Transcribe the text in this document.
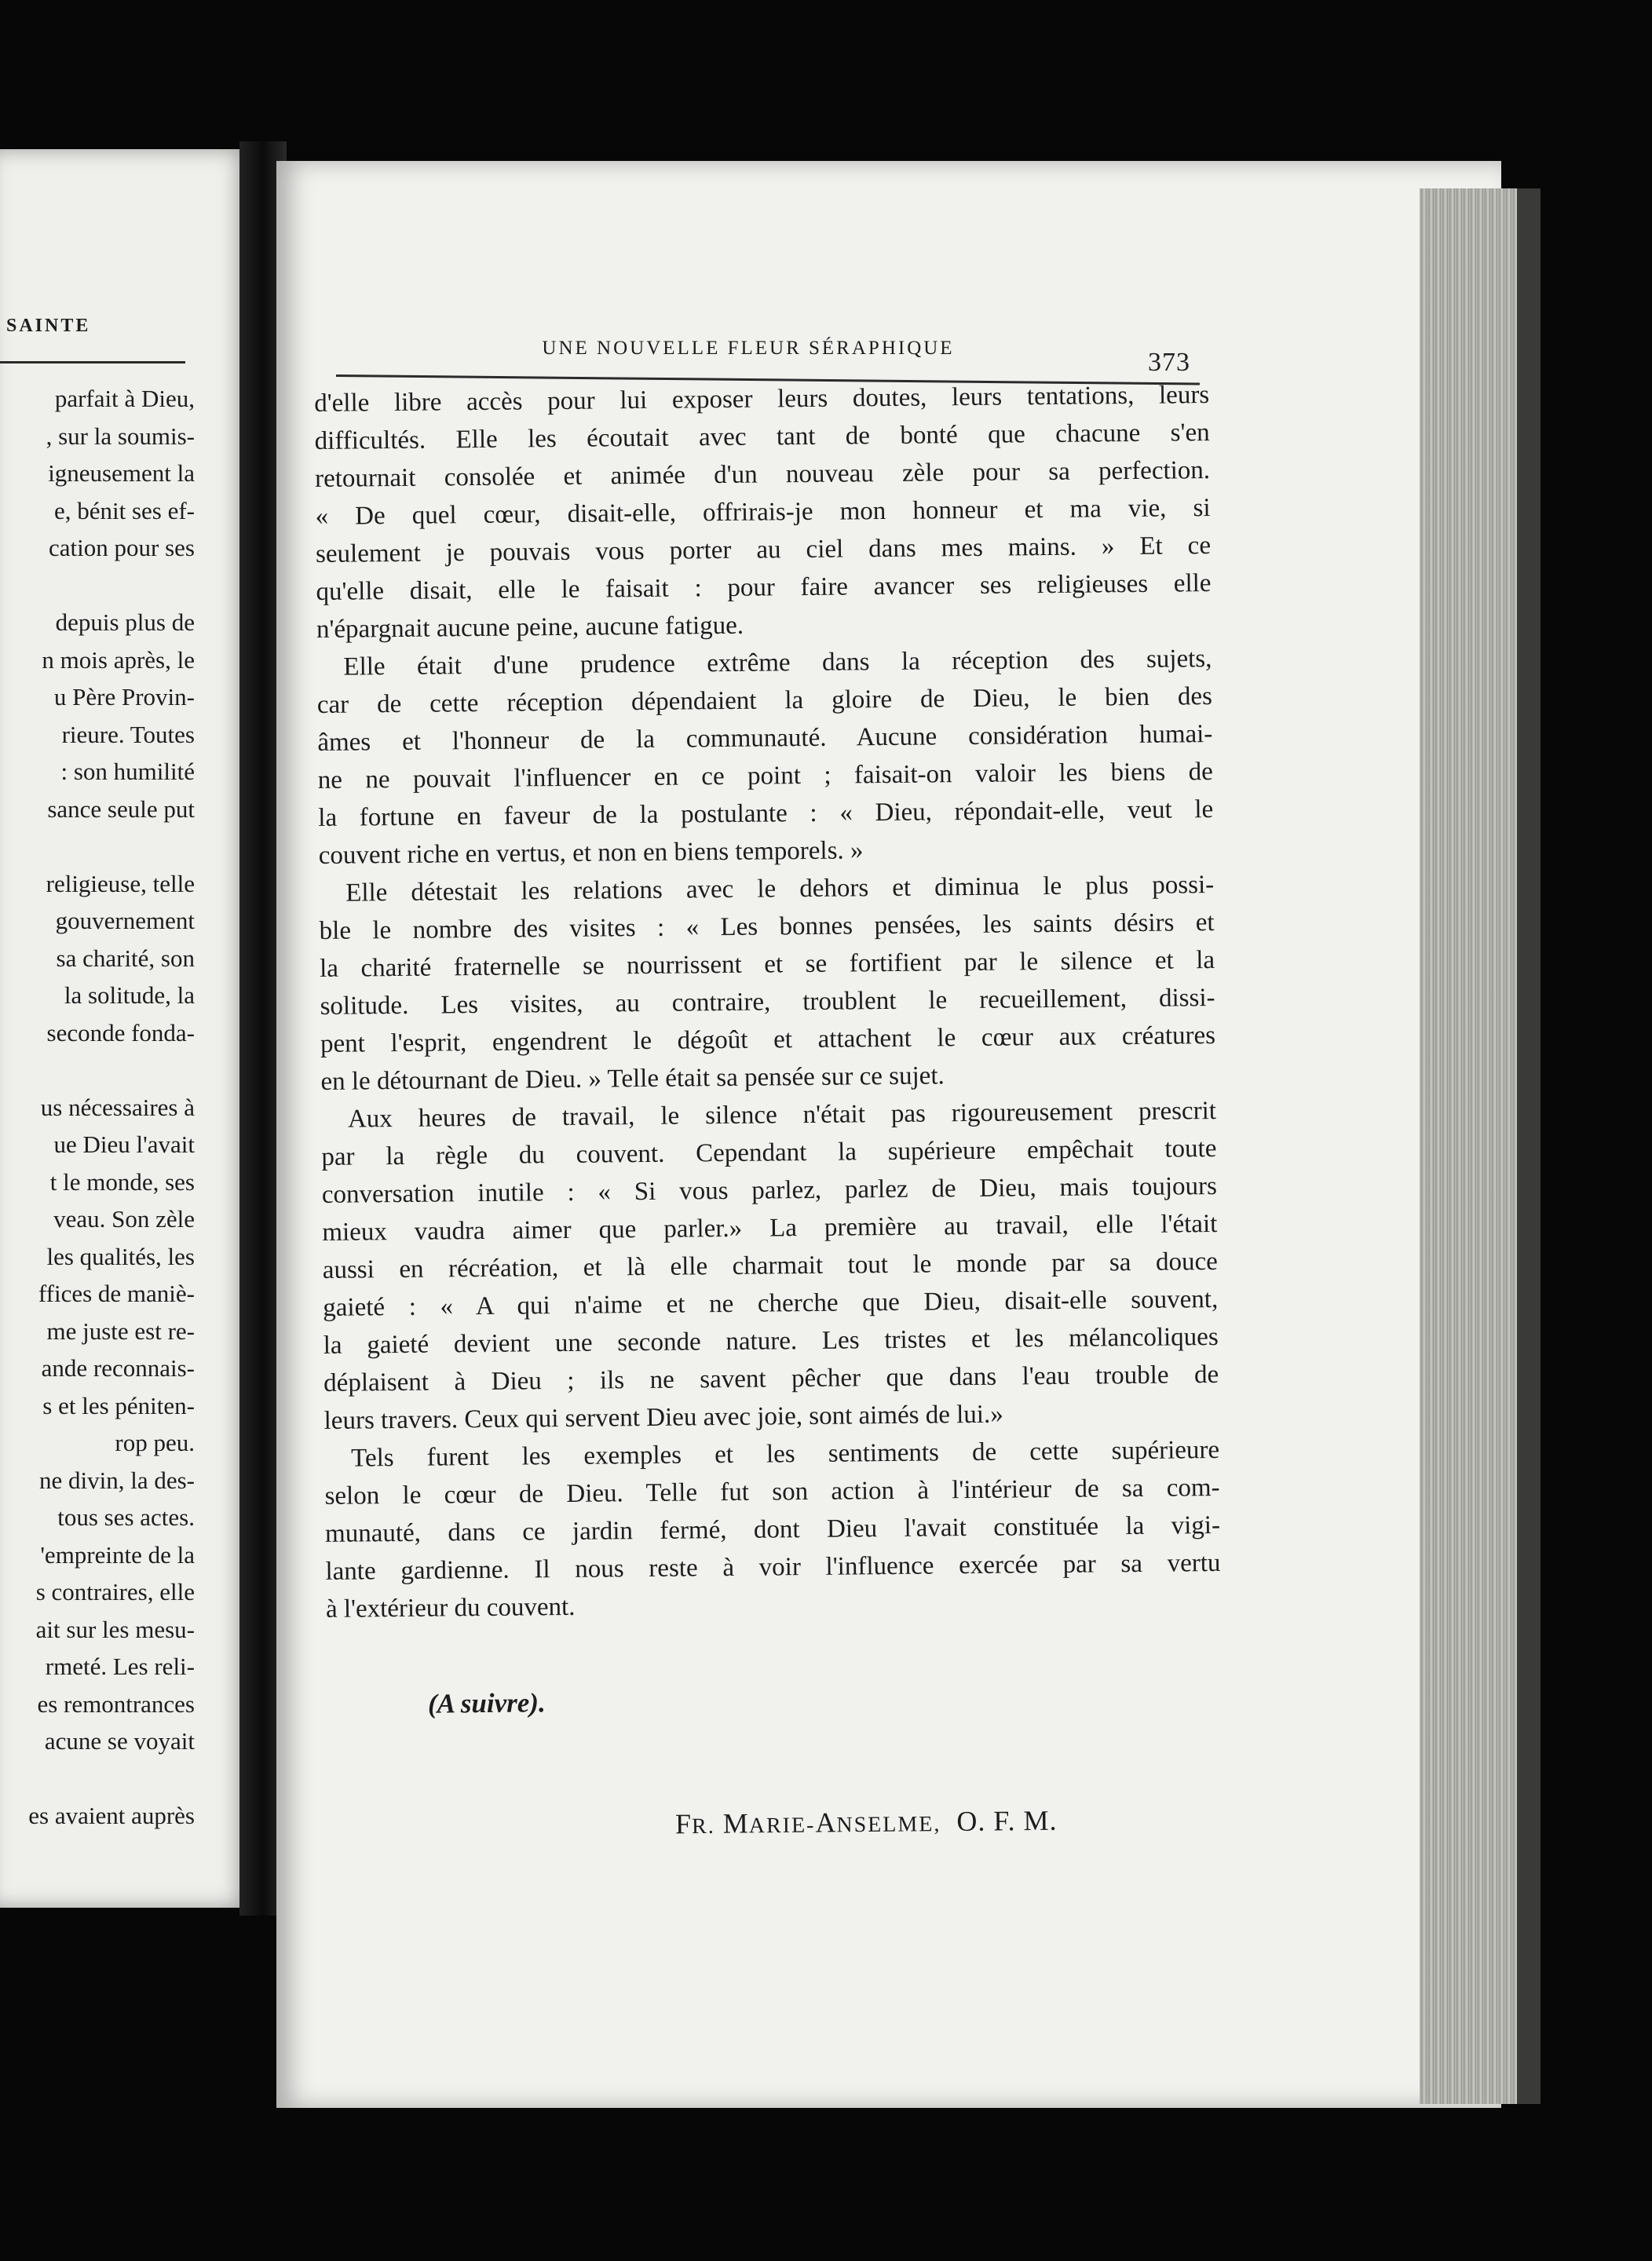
SAINTE
parfait à Dieu,
, sur la soumis-
igneusement la
e, bénit ses ef-
cation pour ses
depuis plus de
n mois après, le
u Père Provin-
rieure. Toutes
: son humilité
sance seule put
religieuse, telle
gouvernement
sa charité, son
la solitude, la
seconde fonda-
us nécessaires à
ue Dieu l'avait
t le monde, ses
veau. Son zèle
les qualités, les
ffices de maniè-
me juste est re-
ande reconnais-
s et les péniten-
rop peu.
ne divin, la des-
tous ses actes.
'empreinte de la
s contraires, elle
ait sur les mesu-
rmeté. Les reli-
es remontrances
acune se voyait
es avaient auprès
UNE NOUVELLE FLEUR SÉRAPHIQUE	373
d'elle libre accès pour lui exposer leurs doutes, leurs tentations, leurs
difficultés. Elle les écoutait avec tant de bonté que chacune s'en
retournait consolée et animée d'un nouveau zèle pour sa perfection.
« De quel cœur, disait-elle, offrirais-je mon honneur et ma vie, si
seulement je pouvais vous porter au ciel dans mes mains. » Et ce
qu'elle disait, elle le faisait : pour faire avancer ses religieuses elle
n'épargnait aucune peine, aucune fatigue.
Elle était d'une prudence extrême dans la réception des sujets,
car de cette réception dépendaient la gloire de Dieu, le bien des
âmes et l'honneur de la communauté. Aucune considération humai-
ne ne pouvait l'influencer en ce point ; faisait-on valoir les biens de
la fortune en faveur de la postulante : « Dieu, répondait-elle, veut le
couvent riche en vertus, et non en biens temporels. »
Elle détestait les relations avec le dehors et diminua le plus possi-
ble le nombre des visites : « Les bonnes pensées, les saints désirs et
la charité fraternelle se nourrissent et se fortifient par le silence et la
solitude. Les visites, au contraire, troublent le recueillement, dissi-
pent l'esprit, engendrent le dégoût et attachent le cœur aux créatures
en le détournant de Dieu. » Telle était sa pensée sur ce sujet.
Aux heures de travail, le silence n'était pas rigoureusement prescrit
par la règle du couvent. Cependant la supérieure empêchait toute
conversation inutile : « Si vous parlez, parlez de Dieu, mais toujours
mieux vaudra aimer que parler.» La première au travail, elle l'était
aussi en récréation, et là elle charmait tout le monde par sa douce
gaieté : « A qui n'aime et ne cherche que Dieu, disait-elle souvent,
la gaieté devient une seconde nature. Les tristes et les mélancoliques
déplaisent à Dieu ; ils ne savent pêcher que dans l'eau trouble de
leurs travers. Ceux qui servent Dieu avec joie, sont aimés de lui.»
Tels furent les exemples et les sentiments de cette supérieure
selon le cœur de Dieu. Telle fut son action à l'intérieur de sa com-
munauté, dans ce jardin fermé, dont Dieu l'avait constituée la vigi-
lante gardienne. Il nous reste à voir l'influence exercée par sa vertu
à l'extérieur du couvent.
(A suivre).
FR. MARIE-ANSELME, O. F. M.
